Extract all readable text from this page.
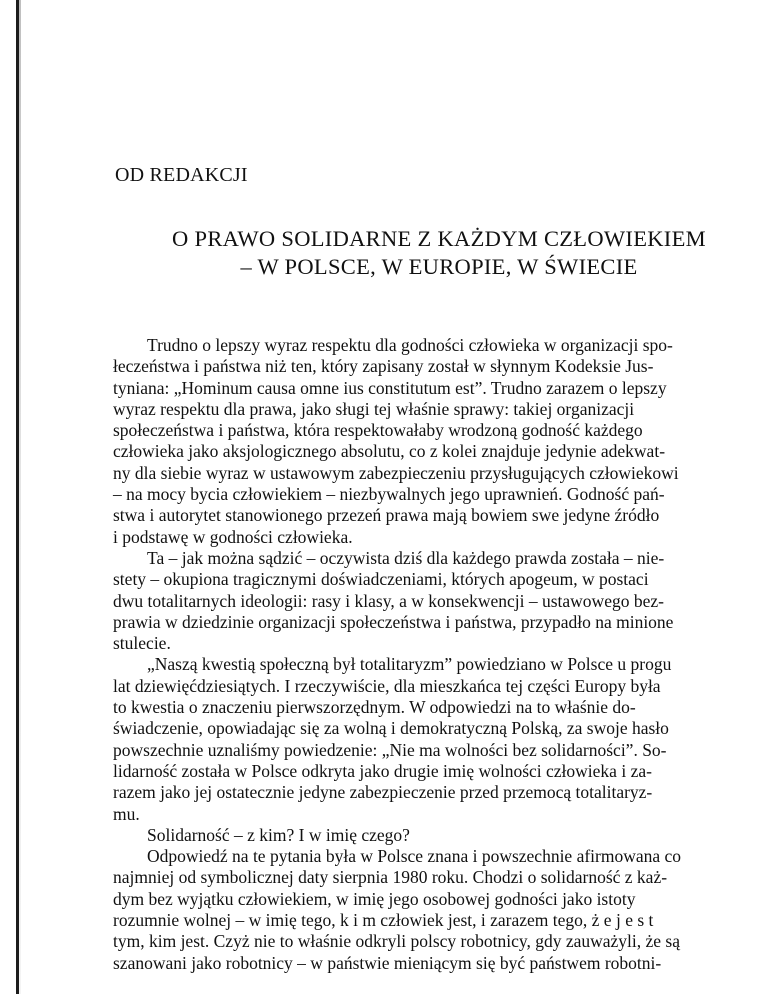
OD REDAKCJI
O PRAWO SOLIDARNE Z KAŻDYM CZŁOWIEKIEM
– W POLSCE, W EUROPIE, W ŚWIECIE
Trudno o lepszy wyraz respektu dla godności człowieka w organizacji spo-
łeczeństwa i państwa niż ten, który zapisany został w słynnym Kodeksie Jus-
tyniana: „Hominum causa omne ius constitutum est”. Trudno zarazem o lepszy
wyraz respektu dla prawa, jako sługi tej właśnie sprawy: takiej organizacji
społeczeństwa i państwa, która respektowałaby wrodzoną godność każdego
człowieka jako aksjologicznego absolutu, co z kolei znajduje jedynie adekwat-
ny dla siebie wyraz w ustawowym zabezpieczeniu przysługujących człowiekowi
– na mocy bycia człowiekiem – niezbywalnych jego uprawnień. Godność pań-
stwa i autorytet stanowionego przezeń prawa mają bowiem swe jedyne źródło
i podstawę w godności człowieka.
Ta – jak można sądzić – oczywista dziś dla każdego prawda została – nie-
stety – okupiona tragicznymi doświadczeniami, których apogeum, w postaci
dwu totalitarnych ideologii: rasy i klasy, a w konsekwencji – ustawowego bez-
prawia w dziedzinie organizacji społeczeństwa i państwa, przypadło na minione
stulecie.
„Naszą kwestią społeczną był totalitaryzm” powiedziano w Polsce u progu
lat dziewięćdziesiątych. I rzeczywiście, dla mieszkańca tej części Europy była
to kwestia o znaczeniu pierwszorzędnym. W odpowiedzi na to właśnie do-
świadczenie, opowiadając się za wolną i demokratyczną Polską, za swoje hasło
powszechnie uznaliśmy powiedzenie: „Nie ma wolności bez solidarności”. So-
lidarność została w Polsce odkryta jako drugie imię wolności człowieka i za-
razem jako jej ostatecznie jedyne zabezpieczenie przed przemocą totalitaryz-
mu.
Solidarność – z kim? I w imię czego?
Odpowiedź na te pytania była w Polsce znana i powszechnie afirmowana co
najmniej od symbolicznej daty sierpnia 1980 roku. Chodzi o solidarność z każ-
dym bez wyjątku człowiekiem, w imię jego osobowej godności jako istoty
rozumnie wolnej – w imię tego, k i m człowiek jest, i zarazem tego, ż e j e s t
tym, kim jest. Czyż nie to właśnie odkryli polscy robotnicy, gdy zauważyli, że są
szanowani jako robotnicy – w państwie mieniącym się być państwem robotni-
